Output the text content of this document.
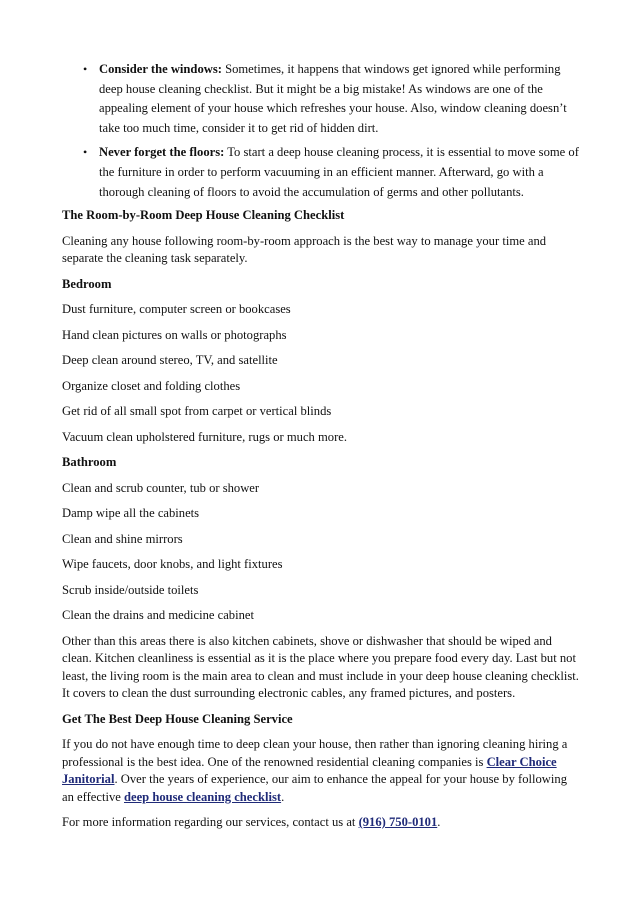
• Consider the windows: Sometimes, it happens that windows get ignored while performing deep house cleaning checklist. But it might be a big mistake! As windows are one of the appealing element of your house which refreshes your house. Also, window cleaning doesn’t take too much time, consider it to get rid of hidden dirt.
• Never forget the floors: To start a deep house cleaning process, it is essential to move some of the furniture in order to perform vacuuming in an efficient manner. Afterward, go with a thorough cleaning of floors to avoid the accumulation of germs and other pollutants.

The Room-by-Room Deep House Cleaning Checklist

Cleaning any house following room-by-room approach is the best way to manage your time and separate the cleaning task separately.

Bedroom

Dust furniture, computer screen or bookcases

Hand clean pictures on walls or photographs

Deep clean around stereo, TV, and satellite

Organize closet and folding clothes

Get rid of all small spot from carpet or vertical blinds

Vacuum clean upholstered furniture, rugs or much more.

Bathroom

Clean and scrub counter, tub or shower

Damp wipe all the cabinets

Clean and shine mirrors

Wipe faucets, door knobs, and light fixtures

Scrub inside/outside toilets

Clean the drains and medicine cabinet

Other than this areas there is also kitchen cabinets, shove or dishwasher that should be wiped and clean. Kitchen cleanliness is essential as it is the place where you prepare food every day. Last but not least, the living room is the main area to clean and must include in your deep house cleaning checklist. It covers to clean the dust surrounding electronic cables, any framed pictures, and posters.

Get The Best Deep House Cleaning Service

If you do not have enough time to deep clean your house, then rather than ignoring cleaning hiring a professional is the best idea. One of the renowned residential cleaning companies is Clear Choice Janitorial. Over the years of experience, our aim to enhance the appeal for your house by following an effective deep house cleaning checklist.

For more information regarding our services, contact us at (916) 750-0101.
